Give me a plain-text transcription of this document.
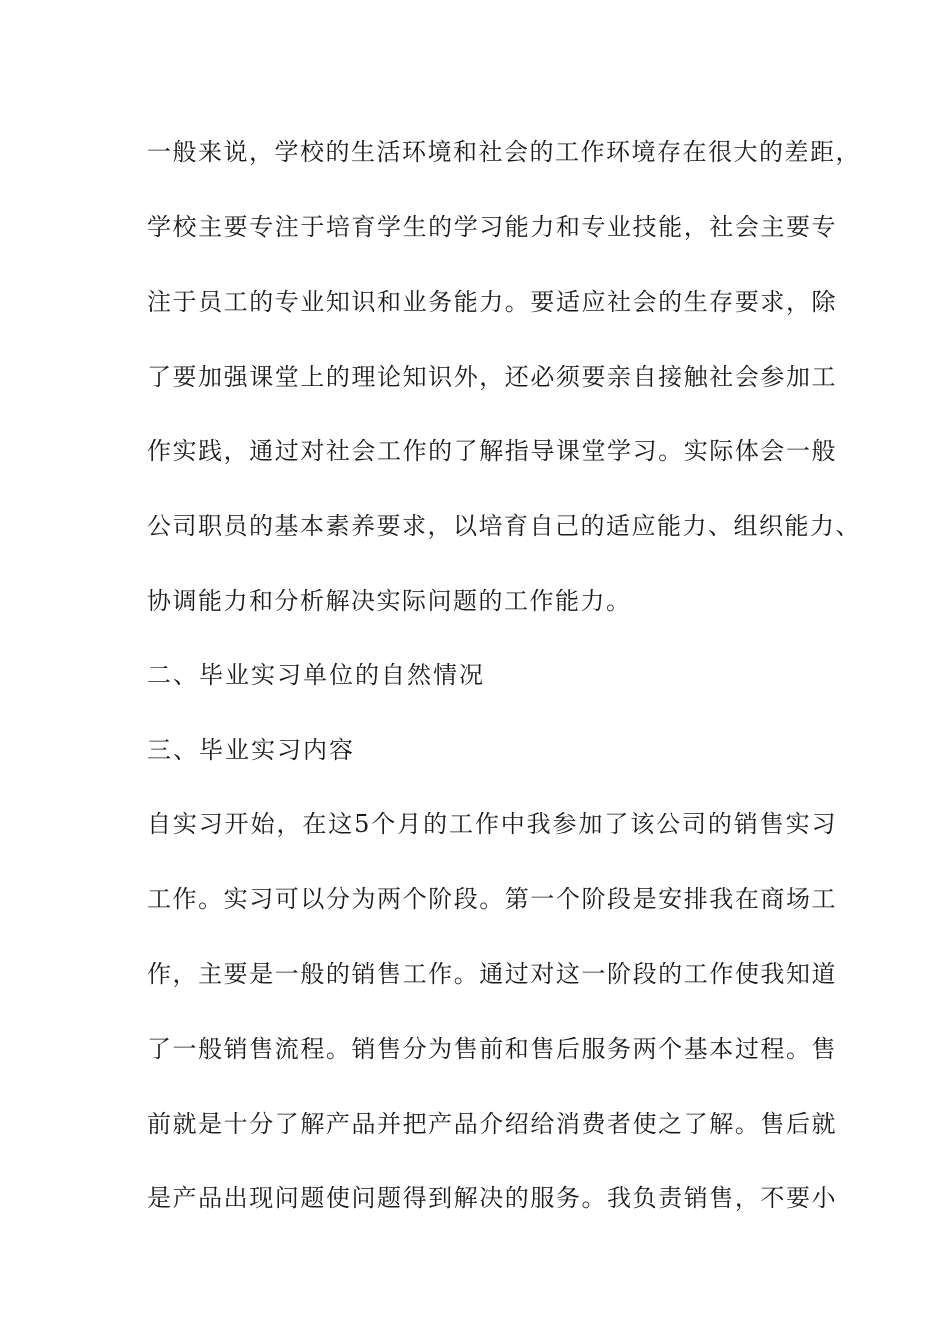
一般来说，学校的生活环境和社会的工作环境存在很大的差距，
学校主要专注于培育学生的学习能力和专业技能，社会主要专
注于员工的专业知识和业务能力。要适应社会的生存要求，除
了要加强课堂上的理论知识外，还必须要亲自接触社会参加工
作实践，通过对社会工作的了解指导课堂学习。实际体会一般
公司职员的基本素养要求，以培育自己的适应能力、组织能力、
协调能力和分析解决实际问题的工作能力。
二、毕业实习单位的自然情况
三、毕业实习内容
自实习开始，在这5个月的工作中我参加了该公司的销售实习
工作。实习可以分为两个阶段。第一个阶段是安排我在商场工
作，主要是一般的销售工作。通过对这一阶段的工作使我知道
了一般销售流程。销售分为售前和售后服务两个基本过程。售
前就是十分了解产品并把产品介绍给消费者使之了解。售后就
是产品出现问题使问题得到解决的服务。我负责销售，不要小
